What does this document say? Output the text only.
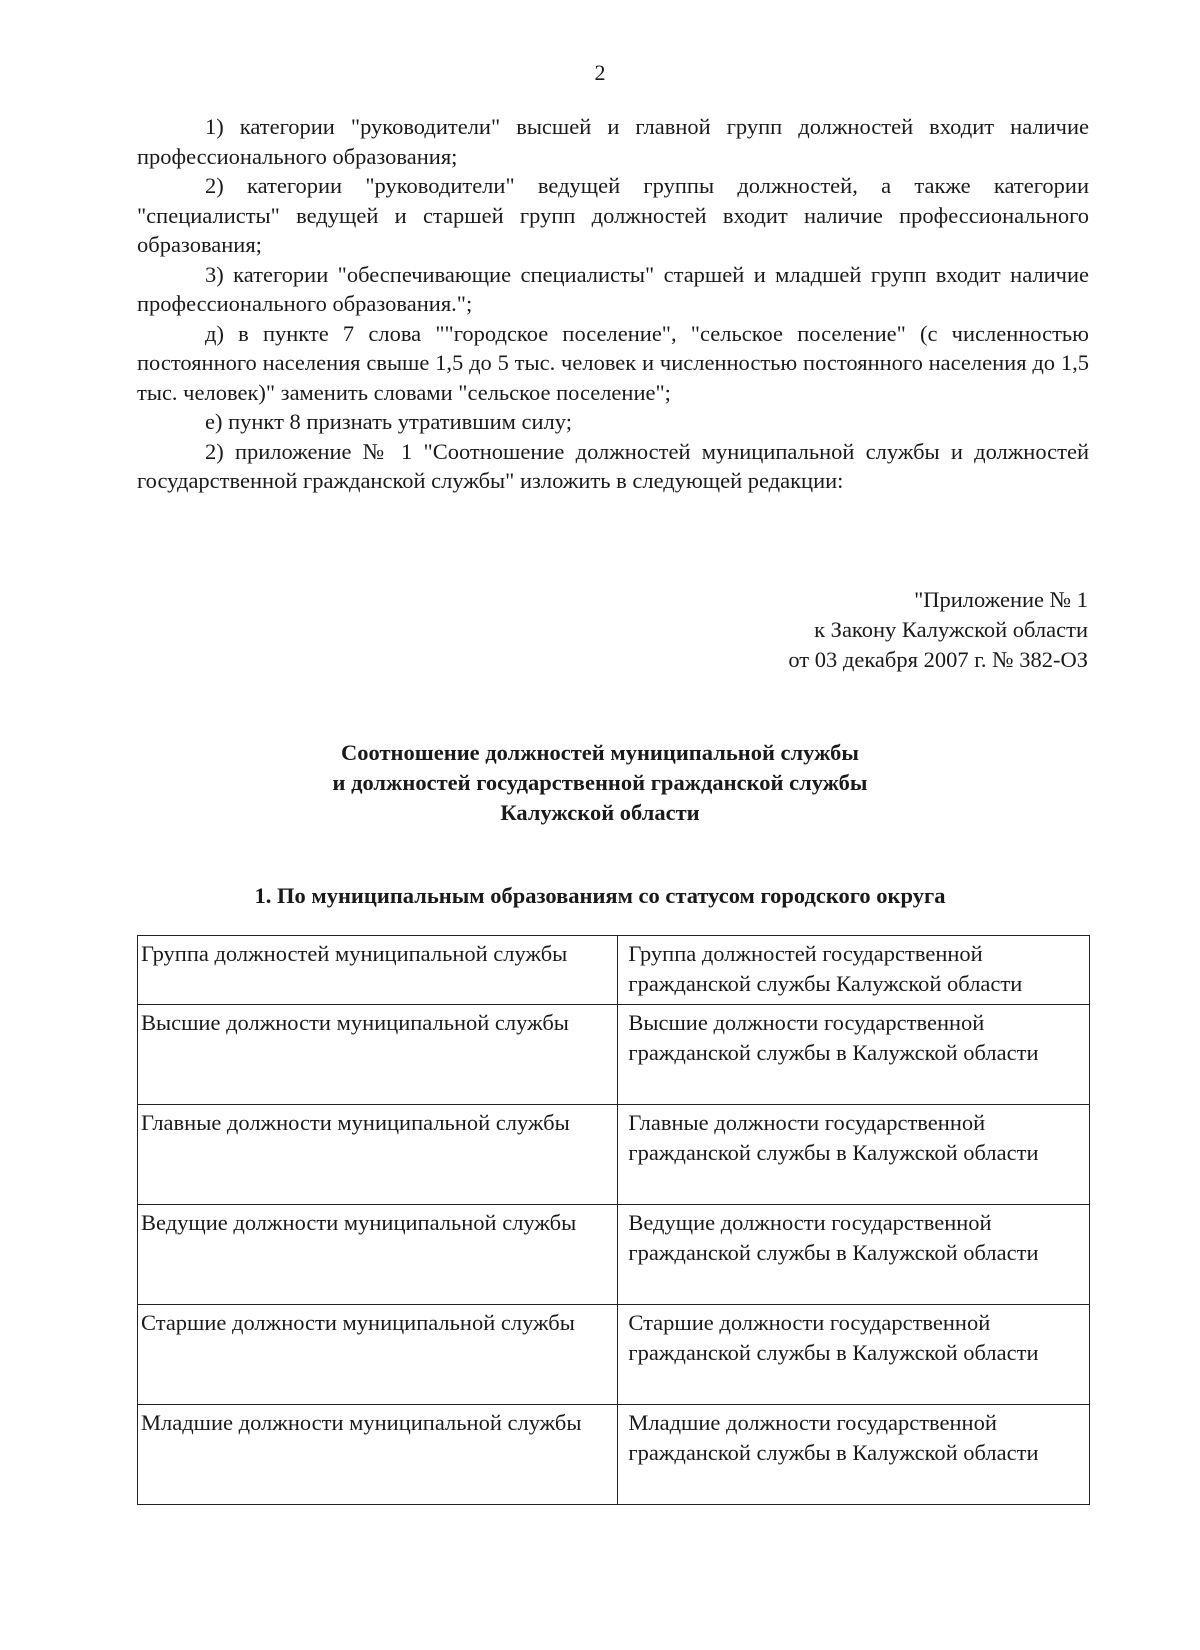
2

1) категории "руководители" высшей и главной групп должностей входит наличие профессионального образования;

2) категории "руководители" ведущей группы должностей, а также категории "специалисты" ведущей и старшей групп должностей входит наличие профессионального образования;

3) категории "обеспечивающие специалисты" старшей и младшей групп входит наличие профессионального образования.";

д) в пункте 7 слова ""городское поселение", "сельское поселение" (с численностью постоянного населения свыше 1,5 до 5 тыс. человек и численностью постоянного населения до 1,5 тыс. человек)" заменить словами "сельское поселение";

е) пункт 8 признать утратившим силу;

2) приложение № 1 "Соотношение должностей муниципальной службы и должностей государственной гражданской службы" изложить в следующей редакции:

"Приложение № 1
к Закону Калужской области
от 03 декабря 2007 г. № 382-ОЗ
Соотношение должностей муниципальной службы
и должностей государственной гражданской службы
Калужской области
1. По муниципальным образованиям со статусом городского округа
Группа должностей муниципальной службы	Группа должностей государственной гражданской службы Калужской области
Высшие должности муниципальной службы	Высшие должности государственной гражданской службы в Калужской области
Главные должности муниципальной службы	Главные должности государственной гражданской службы в Калужской области
Ведущие должности муниципальной службы	Ведущие должности государственной гражданской службы в Калужской области
Старшие должности муниципальной службы	Старшие должности государственной гражданской службы в Калужской области
Младшие должности муниципальной службы	Младшие должности государственной гражданской службы в Калужской области
